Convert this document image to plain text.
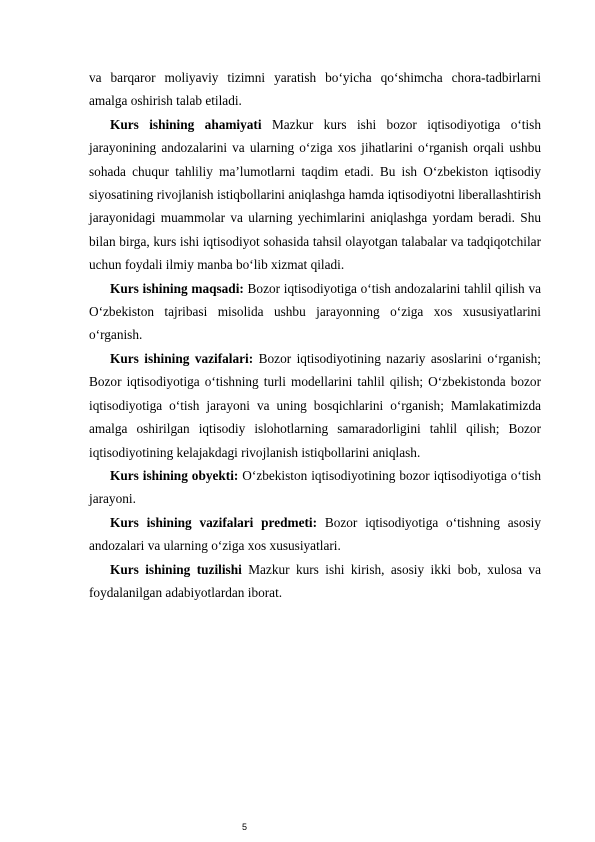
va barqaror moliyaviy tizimni yaratish bo‘yicha qo‘shimcha chora-tadbirlarni amalga oshirish talab etiladi.

Kurs ishining ahamiyati Mazkur kurs ishi bozor iqtisodiyotiga o‘tish jarayonining andozalarini va ularning o‘ziga xos jihatlarini o‘rganish orqali ushbu sohada chuqur tahliliy ma’lumotlarni taqdim etadi. Bu ish O‘zbekiston iqtisodiy siyosatining rivojlanish istiqbollarini aniqlashga hamda iqtisodiyotni liberallashtirish jarayonidagi muammolar va ularning yechimlarini aniqlashga yordam beradi. Shu bilan birga, kurs ishi iqtisodiyot sohasida tahsil olayotgan talabalar va tadqiqotchilar uchun foydali ilmiy manba bo‘lib xizmat qiladi.

Kurs ishining maqsadi: Bozor iqtisodiyotiga o‘tish andozalarini tahlil qilish va O‘zbekiston tajribasi misolida ushbu jarayonning o‘ziga xos xususiyatlarini o‘rganish.

Kurs ishining vazifalari: Bozor iqtisodiyotining nazariy asoslarini o‘rganish; Bozor iqtisodiyotiga o‘tishning turli modellarini tahlil qilish; O‘zbekistonda bozor iqtisodiyotiga o‘tish jarayoni va uning bosqichlarini o‘rganish; Mamlakatimizda amalga oshirilgan iqtisodiy islohotlarning samaradorligini tahlil qilish; Bozor iqtisodiyotining kelajakdagi rivojlanish istiqbollarini aniqlash.

Kurs ishining obyekti: O‘zbekiston iqtisodiyotining bozor iqtisodiyotiga o‘tish jarayoni.

Kurs ishining vazifalari predmeti: Bozor iqtisodiyotiga o‘tishning asosiy andozalari va ularning o‘ziga xos xususiyatlari.

Kurs ishining tuzilishi Mazkur kurs ishi kirish, asosiy ikki bob, xulosa va foydalanilgan adabiyotlardan iborat.

5
